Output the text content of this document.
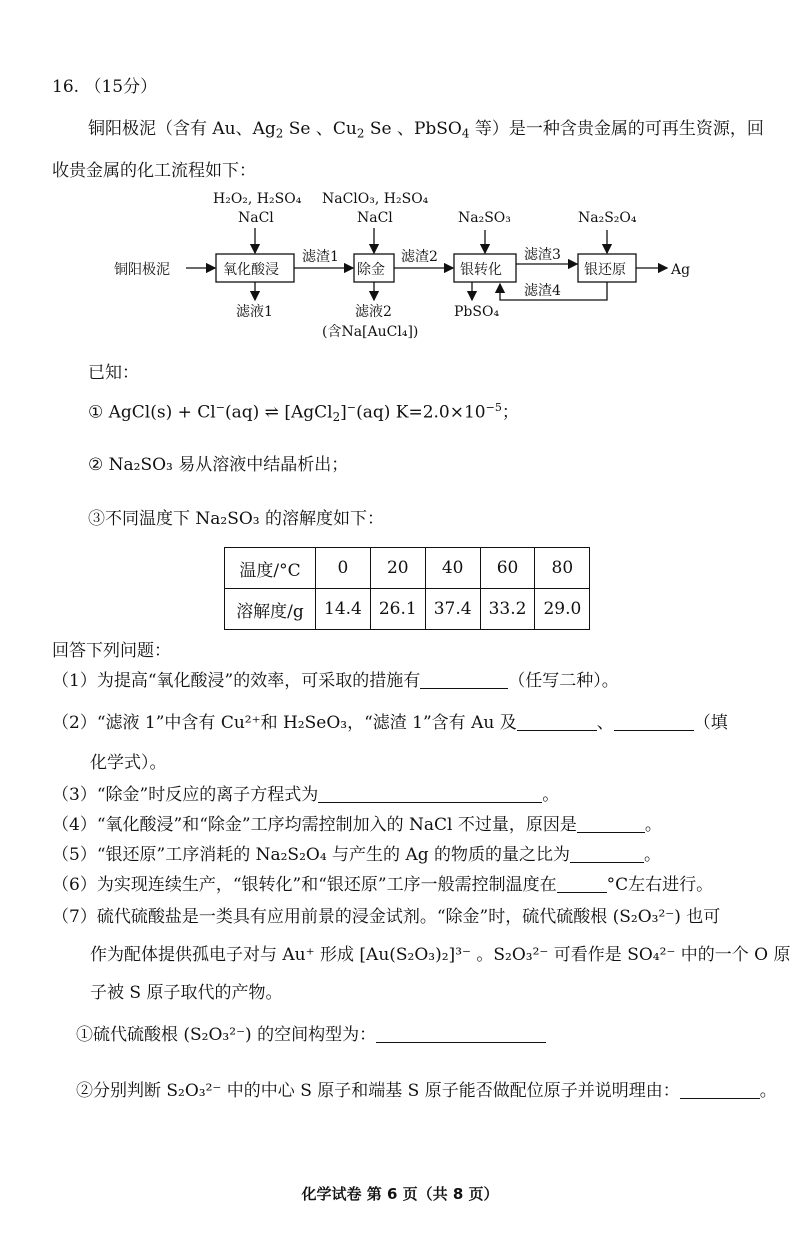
16. （15分）
铜阳极泥（含有 Au、$Ag_2$ Se 、$Cu_2$ Se 、PbSO$_4$ 等）是一种含贵金属的可再生资源，回
收贵金属的化工流程如下：
铜阳极泥	氧化酸浸	除金	银转化	银还原	Ag
H₂O₂, H₂SO₄
NaCl
NaClO₃, H₂SO₄
NaCl	Na₂SO₃	Na₂S₂O₄
滤渣1	滤渣2	滤渣3
滤渣4
滤液1	滤液2
(含Na[AuCl₄])
PbSO₄
已知：
① AgCl(s) + Cl−(aq) ⇌ [AgCl$_2$]−(aq) $K=2.0\times 10^{-5}$；
② Na₂SO₃ 易从溶液中结晶析出；
③不同温度下 Na₂SO₃ 的溶解度如下：
温度/°C	0	20	40	60	80
溶解度/g	14.4	26.1	37.4	33.2	29.0
回答下列问题：
（1）为提高“氧化酸浸”的效率，可采取的措施有	（任写二种）。
（2）“滤液 1”中含有 Cu²⁺和 H₂SeO₃，“滤渣 1”含有 Au 及	、	（填
化学式）。
（3）“除金”时反应的离子方程式为	。
（4）“氧化酸浸”和“除金”工序均需控制加入的 NaCl 不过量，原因是	。
（5）“银还原”工序消耗的 Na₂S₂O₄ 与产生的 Ag 的物质的量之比为	。
（6）为实现连续生产，“银转化”和“银还原”工序一般需控制温度在	°C左右进行。
（7）硫代硫酸盐是一类具有应用前景的浸金试剂。“除金”时，硫代硫酸根 (S₂O₃²⁻) 也可
作为配体提供孤电子对与 Au⁺ 形成 [Au(S₂O₃)₂]³⁻ 。S₂O₃²⁻ 可看作是 SO₄²⁻ 中的一个 O 原
子被 S 原子取代的产物。
①硫代硫酸根 (S₂O₃²⁻) 的空间构型为：
②分别判断 S₂O₃²⁻ 中的中心 S 原子和端基 S 原子能否做配位原子并说明理由：	。
化学试卷 第 6 页（共 8 页）
